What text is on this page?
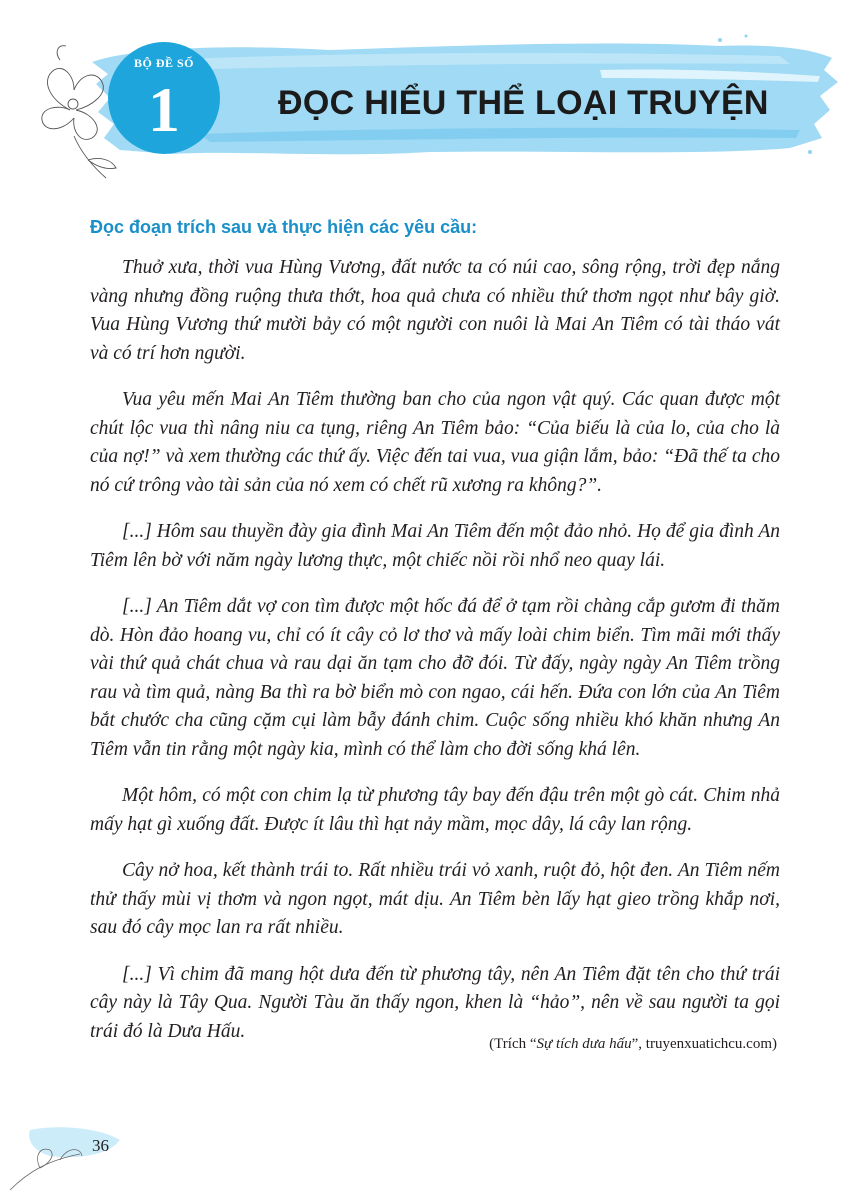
BỘ ĐỀ SỐ
1	ĐỌC HIỂU THỂ LOẠI TRUYỆN
Đọc đoạn trích sau và thực hiện các yêu cầu:

Thuở xưa, thời vua Hùng Vương, đất nước ta có núi cao, sông rộng, trời đẹp nắng vàng nhưng đồng ruộng thưa thớt, hoa quả chưa có nhiều thứ thơm ngọt như bây giờ. Vua Hùng Vương thứ mười bảy có một người con nuôi là Mai An Tiêm có tài tháo vát và có trí hơn người.

Vua yêu mến Mai An Tiêm thường ban cho của ngon vật quý. Các quan được một chút lộc vua thì nâng niu ca tụng, riêng An Tiêm bảo: “Của biếu là của lo, của cho là của nợ!” và xem thường các thứ ấy. Việc đến tai vua, vua giận lắm, bảo: “Đã thế ta cho nó cứ trông vào tài sản của nó xem có chết rũ xương ra không?”.

[...] Hôm sau thuyền đày gia đình Mai An Tiêm đến một đảo nhỏ. Họ để gia đình An Tiêm lên bờ với năm ngày lương thực, một chiếc nồi rồi nhổ neo quay lái.

[...] An Tiêm dắt vợ con tìm được một hốc đá để ở tạm rồi chàng cắp gươm đi thăm dò. Hòn đảo hoang vu, chỉ có ít cây cỏ lơ thơ và mấy loài chim biển. Tìm mãi mới thấy vài thứ quả chát chua và rau dại ăn tạm cho đỡ đói. Từ đấy, ngày ngày An Tiêm trồng rau và tìm quả, nàng Ba thì ra bờ biển mò con ngao, cái hến. Đứa con lớn của An Tiêm bắt chước cha cũng cặm cụi làm bẫy đánh chim. Cuộc sống nhiều khó khăn nhưng An Tiêm vẫn tin rằng một ngày kia, mình có thể làm cho đời sống khá lên.

Một hôm, có một con chim lạ từ phương tây bay đến đậu trên một gò cát. Chim nhả mấy hạt gì xuống đất. Được ít lâu thì hạt nảy mầm, mọc dây, lá cây lan rộng.

Cây nở hoa, kết thành trái to. Rất nhiều trái vỏ xanh, ruột đỏ, hột đen. An Tiêm nếm thử thấy mùi vị thơm và ngon ngọt, mát dịu. An Tiêm bèn lấy hạt gieo trồng khắp nơi, sau đó cây mọc lan ra rất nhiều.

[...] Vì chim đã mang hột dưa đến từ phương tây, nên An Tiêm đặt tên cho thứ trái cây này là Tây Qua. Người Tàu ăn thấy ngon, khen là “hảo”, nên về sau người ta gọi trái đó là Dưa Hấu.

(Trích “Sự tích dưa hấu”, truyenxuatichcu.com)
36
